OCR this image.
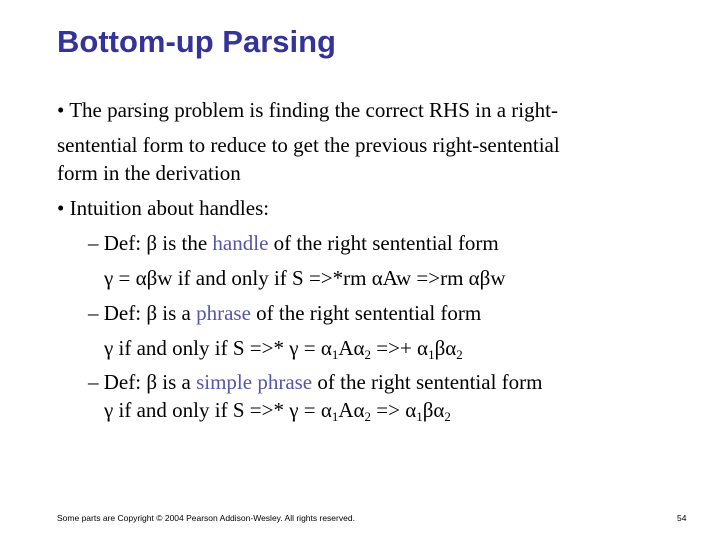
Bottom-up Parsing
• The parsing problem is finding the correct RHS in a right-
sentential form to reduce to get the previous right-sentential
form in the derivation
• Intuition about handles:
– Def: β is the handle of the right sentential form
γ = αβw if and only if S =>*rm αAw =>rm αβw
– Def: β is a phrase of the right sentential form
γ if and only if S =>* $\gamma = \alpha_1A\alpha_2$ =>+ $\alpha_1\beta\alpha_2$
– Def: β is a simple phrase of the right sentential form
γ if and only if S =>* $\gamma = \alpha_1A\alpha_2 => \alpha_1\beta\alpha_2$
Some parts are Copyright © 2004 Pearson Addison-Wesley. All rights reserved.	54
